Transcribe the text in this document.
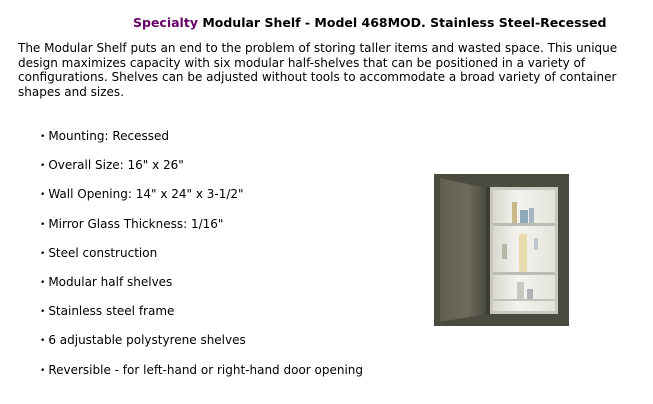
Specialty Modular Shelf - Model 468MOD. Stainless Steel-Recessed
The Modular Shelf puts an end to the problem of storing taller items and wasted space. This unique design maximizes capacity with six modular half-shelves that can be positioned in a variety of configurations. Shelves can be adjusted without tools to accommodate a broad variety of container shapes and sizes.
• Mounting: Recessed
• Overall Size: 16" x 26"
• Wall Opening: 14" x 24" x 3-1/2"
• Mirror Glass Thickness: 1/16"
• Steel construction
• Modular half shelves
• Stainless steel frame
• 6 adjustable polystyrene shelves
• Reversible - for left-hand or right-hand door opening
